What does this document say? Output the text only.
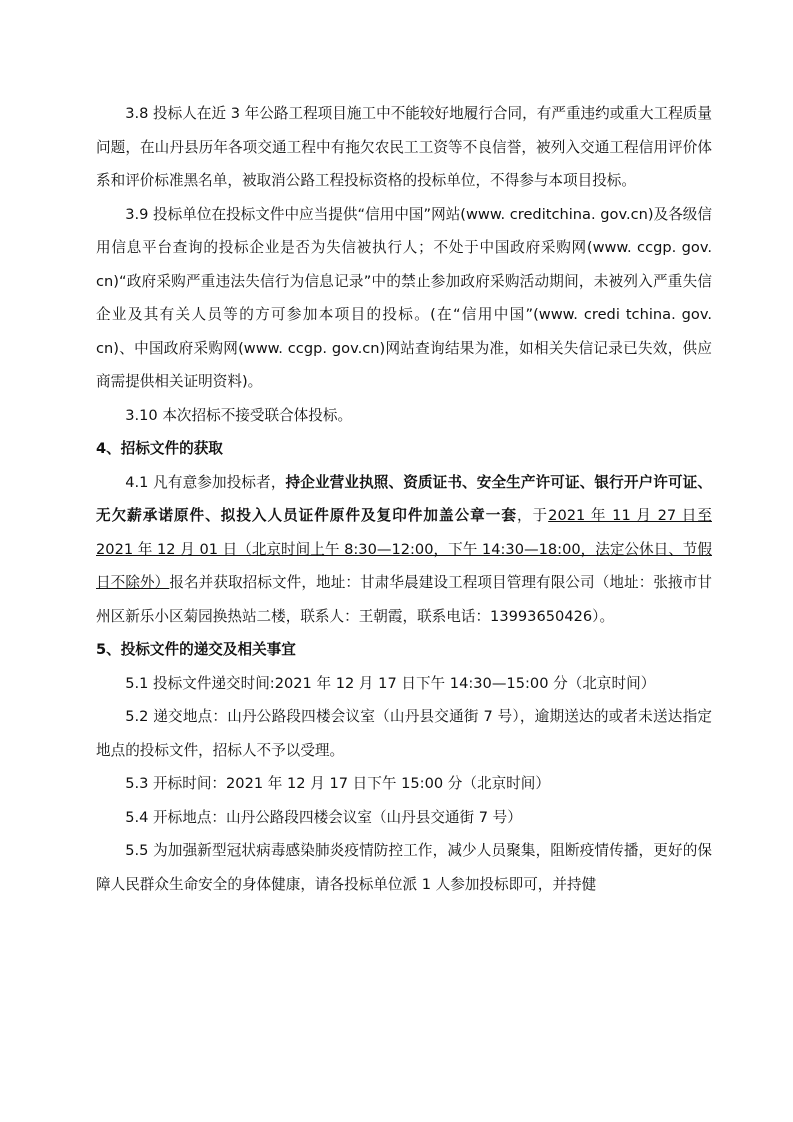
3.8 投标人在近 3 年公路工程项目施工中不能较好地履行合同，有严重违约或重大工程质量问题，在山丹县历年各项交通工程中有拖欠农民工工资等不良信誉，被列入交通工程信用评价体系和评价标准黑名单，被取消公路工程投标资格的投标单位，不得参与本项目投标。

3.9 投标单位在投标文件中应当提供“信用中国”网站(www. creditchina. gov.cn)及各级信用信息平台查询的投标企业是否为失信被执行人；不处于中国政府采购网(www. ccgp. gov. cn)“政府采购严重违法失信行为信息记录”中的禁止参加政府采购活动期间，未被列入严重失信企业及其有关人员等的方可参加本项目的投标。(在“信用中国”(www. credi tchina. gov. cn)、中国政府采购网(www. ccgp. gov.cn)网站查询结果为准，如相关失信记录已失效，供应商需提供相关证明资料)。

3.10 本次招标不接受联合体投标。

4、招标文件的获取

4.1 凡有意参加投标者，持企业营业执照、资质证书、安全生产许可证、银行开户许可证、无欠薪承诺原件、拟投入人员证件原件及复印件加盖公章一套，于2021 年 11 月 27 日至 2021 年 12 月 01 日（北京时间上午 8:30—12:00，下午 14:30—18:00，法定公休日、节假日不除外）报名并获取招标文件，地址：甘肃华晨建设工程项目管理有限公司（地址：张掖市甘州区新乐小区菊园换热站二楼，联系人：王朝霞，联系电话：13993650426）。

5、投标文件的递交及相关事宜

5.1 投标文件递交时间:2021 年 12 月 17 日下午 14:30—15:00 分（北京时间）

5.2 递交地点：山丹公路段四楼会议室（山丹县交通街 7 号），逾期送达的或者未送达指定地点的投标文件，招标人不予以受理。

5.3 开标时间：2021 年 12 月 17 日下午 15:00 分（北京时间）

5.4 开标地点：山丹公路段四楼会议室（山丹县交通街 7 号）

5.5 为加强新型冠状病毒感染肺炎疫情防控工作，减少人员聚集，阻断疫情传播，更好的保障人民群众生命安全的身体健康，请各投标单位派 1 人参加投标即可，并持健
